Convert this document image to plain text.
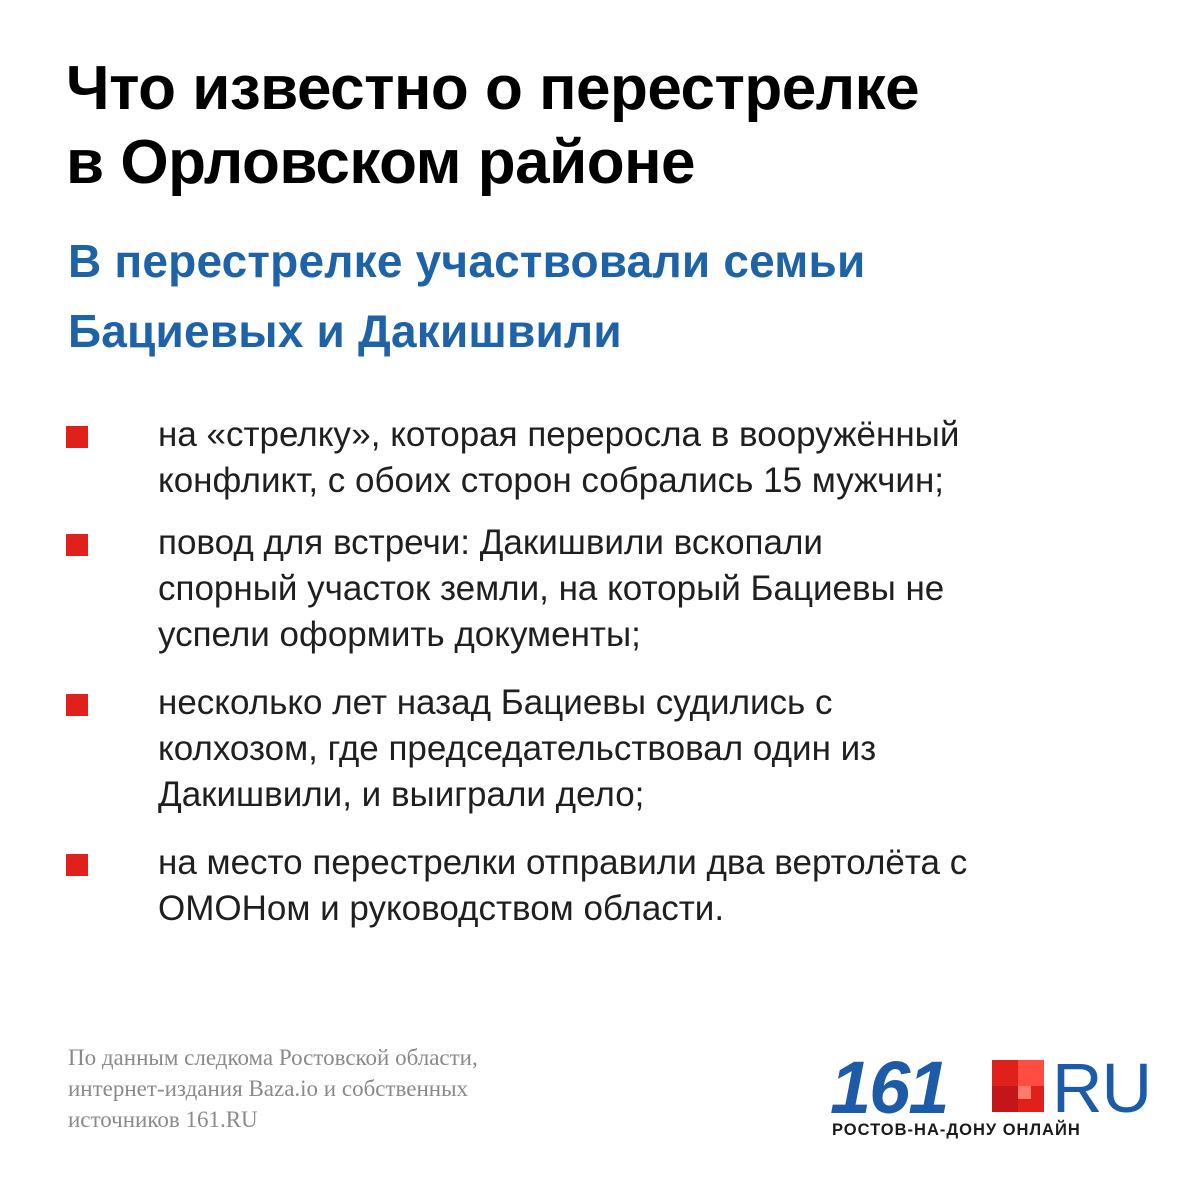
Что известно о перестрелке
в Орловском районе
В перестрелке участвовали семьи
Бациевых и Дакишвили
на «стрелку», которая переросла в вооружённый
конфликт, с обоих сторон собрались 15 мужчин;
повод для встречи: Дакишвили вскопали
спорный участок земли, на который Бациевы не
успели оформить документы;
несколько лет назад Бациевы судились с
колхозом, где председательствовал один из
Дакишвили, и выиграли дело;
на место перестрелки отправили два вертолёта с
ОМОНом и руководством области.
По данным следкома Ростовской области,
интернет-издания Baza.io и собственных
источников 161.RU	161 RU
РОСТОВ-НА-ДОНУ ОНЛАЙН
